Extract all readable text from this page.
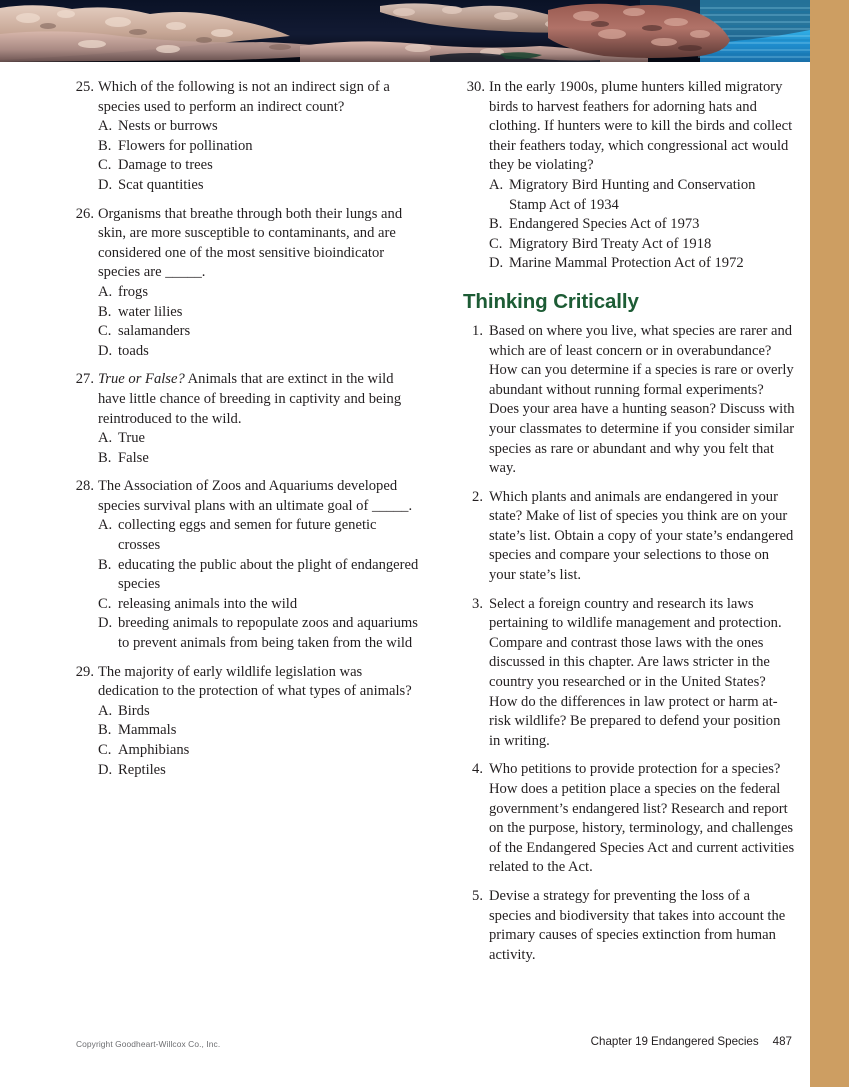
25. Which of the following is not an indirect sign of a species used to perform an indirect count?
A. Nests or burrows
B. Flowers for pollination
C. Damage to trees
D. Scat quantities
26. Organisms that breathe through both their lungs and skin, are more susceptible to contaminants, and are considered one of the most sensitive bioindicator species are _____.
A. frogs
B. water lilies
C. salamanders
D. toads
27. True or False? Animals that are extinct in the wild have little chance of breeding in captivity and being reintroduced to the wild.
A. True
B. False
28. The Association of Zoos and Aquariums developed species survival plans with an ultimate goal of _____.
A. collecting eggs and semen for future genetic crosses
B. educating the public about the plight of endangered species
C. releasing animals into the wild
D. breeding animals to repopulate zoos and aquariums to prevent animals from being taken from the wild
29. The majority of early wildlife legislation was dedication to the protection of what types of animals?
A. Birds
B. Mammals
C. Amphibians
D. Reptiles
30. In the early 1900s, plume hunters killed migratory birds to harvest feathers for adorning hats and clothing. If hunters were to kill the birds and collect their feathers today, which congressional act would they be violating?
A. Migratory Bird Hunting and Conservation Stamp Act of 1934
B. Endangered Species Act of 1973
C. Migratory Bird Treaty Act of 1918
D. Marine Mammal Protection Act of 1972
Thinking Critically
1. Based on where you live, what species are rarer and which are of least concern or in overabundance? How can you determine if a species is rare or overly abundant without running formal experiments? Does your area have a hunting season? Discuss with your classmates to determine if you consider similar species as rare or abundant and why you felt that way.
2. Which plants and animals are endangered in your state? Make of list of species you think are on your state’s list. Obtain a copy of your state’s endangered species and compare your selections to those on your state’s list.
3. Select a foreign country and research its laws pertaining to wildlife management and protection. Compare and contrast those laws with the ones discussed in this chapter. Are laws stricter in the country you researched or in the United States? How do the differences in law protect or harm at-risk wildlife? Be prepared to defend your position in writing.
4. Who petitions to provide protection for a species? How does a petition place a species on the federal government’s endangered list? Research and report on the purpose, history, terminology, and challenges of the Endangered Species Act and current activities related to the Act.
5. Devise a strategy for preventing the loss of a species and biodiversity that takes into account the primary causes of species extinction from human activity.
Copyright Goodheart-Willcox Co., Inc.	Chapter 19 Endangered Species 487
